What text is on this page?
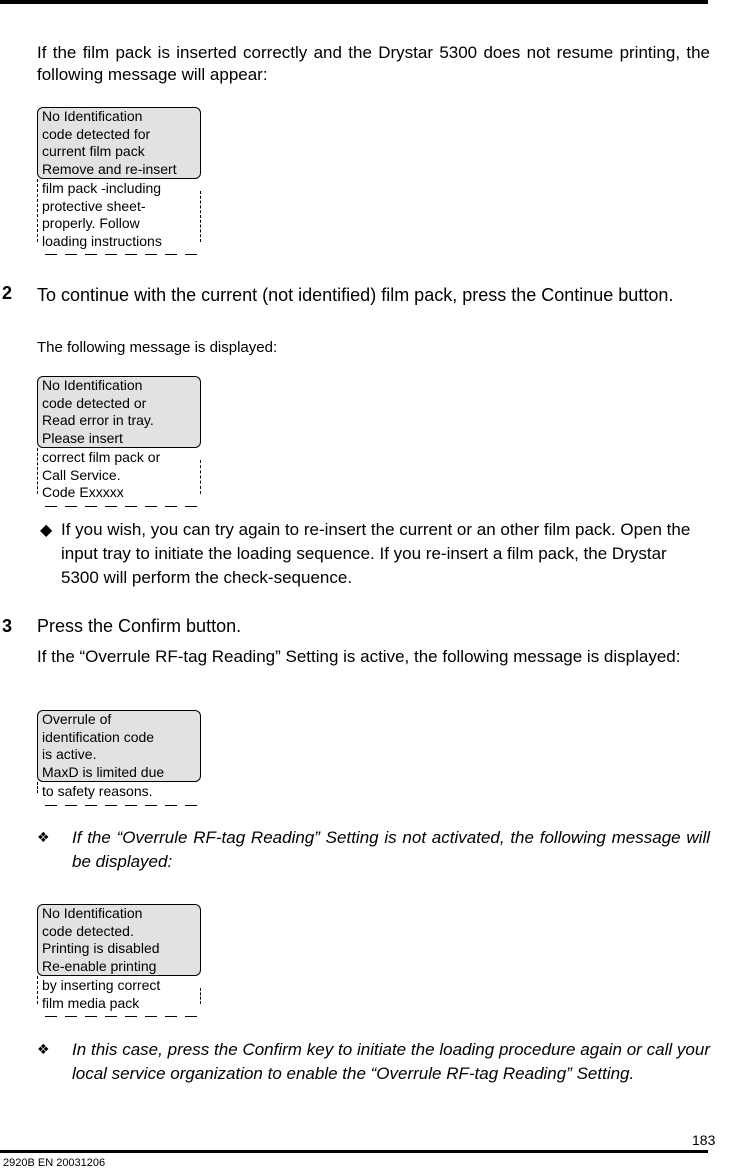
If the film pack is inserted correctly and the Drystar 5300 does not resume printing, the following message will appear:
No Identification
code detected for
current film pack
Remove and re-insert
film pack -including
protective sheet-
properly. Follow
loading instructions
2 To continue with the current (not identified) film pack, press the Continue button.
The following message is displayed:
No Identification
code detected or
Read error in tray.
Please insert
correct film pack or
Call Service.
Code Exxxxx
◆ If you wish, you can try again to re-insert the current or an other film pack. Open the input tray to initiate the loading sequence. If you re-insert a film pack, the Drystar 5300 will perform the check-sequence.
3 Press the Confirm button.
If the “Overrule RF-tag Reading” Setting is active, the following message is displayed:
Overrule of
identification code
is active.
MaxD is limited due
to safety reasons.
❖ If the “Overrule RF-tag Reading” Setting is not activated, the following message will be displayed:
No Identification
code detected.
Printing is disabled
Re-enable printing
by inserting correct
film media pack
❖ In this case, press the Confirm key to initiate the loading procedure again or call your local service organization to enable the “Overrule RF-tag Reading” Setting.
183
2920B EN 20031206
